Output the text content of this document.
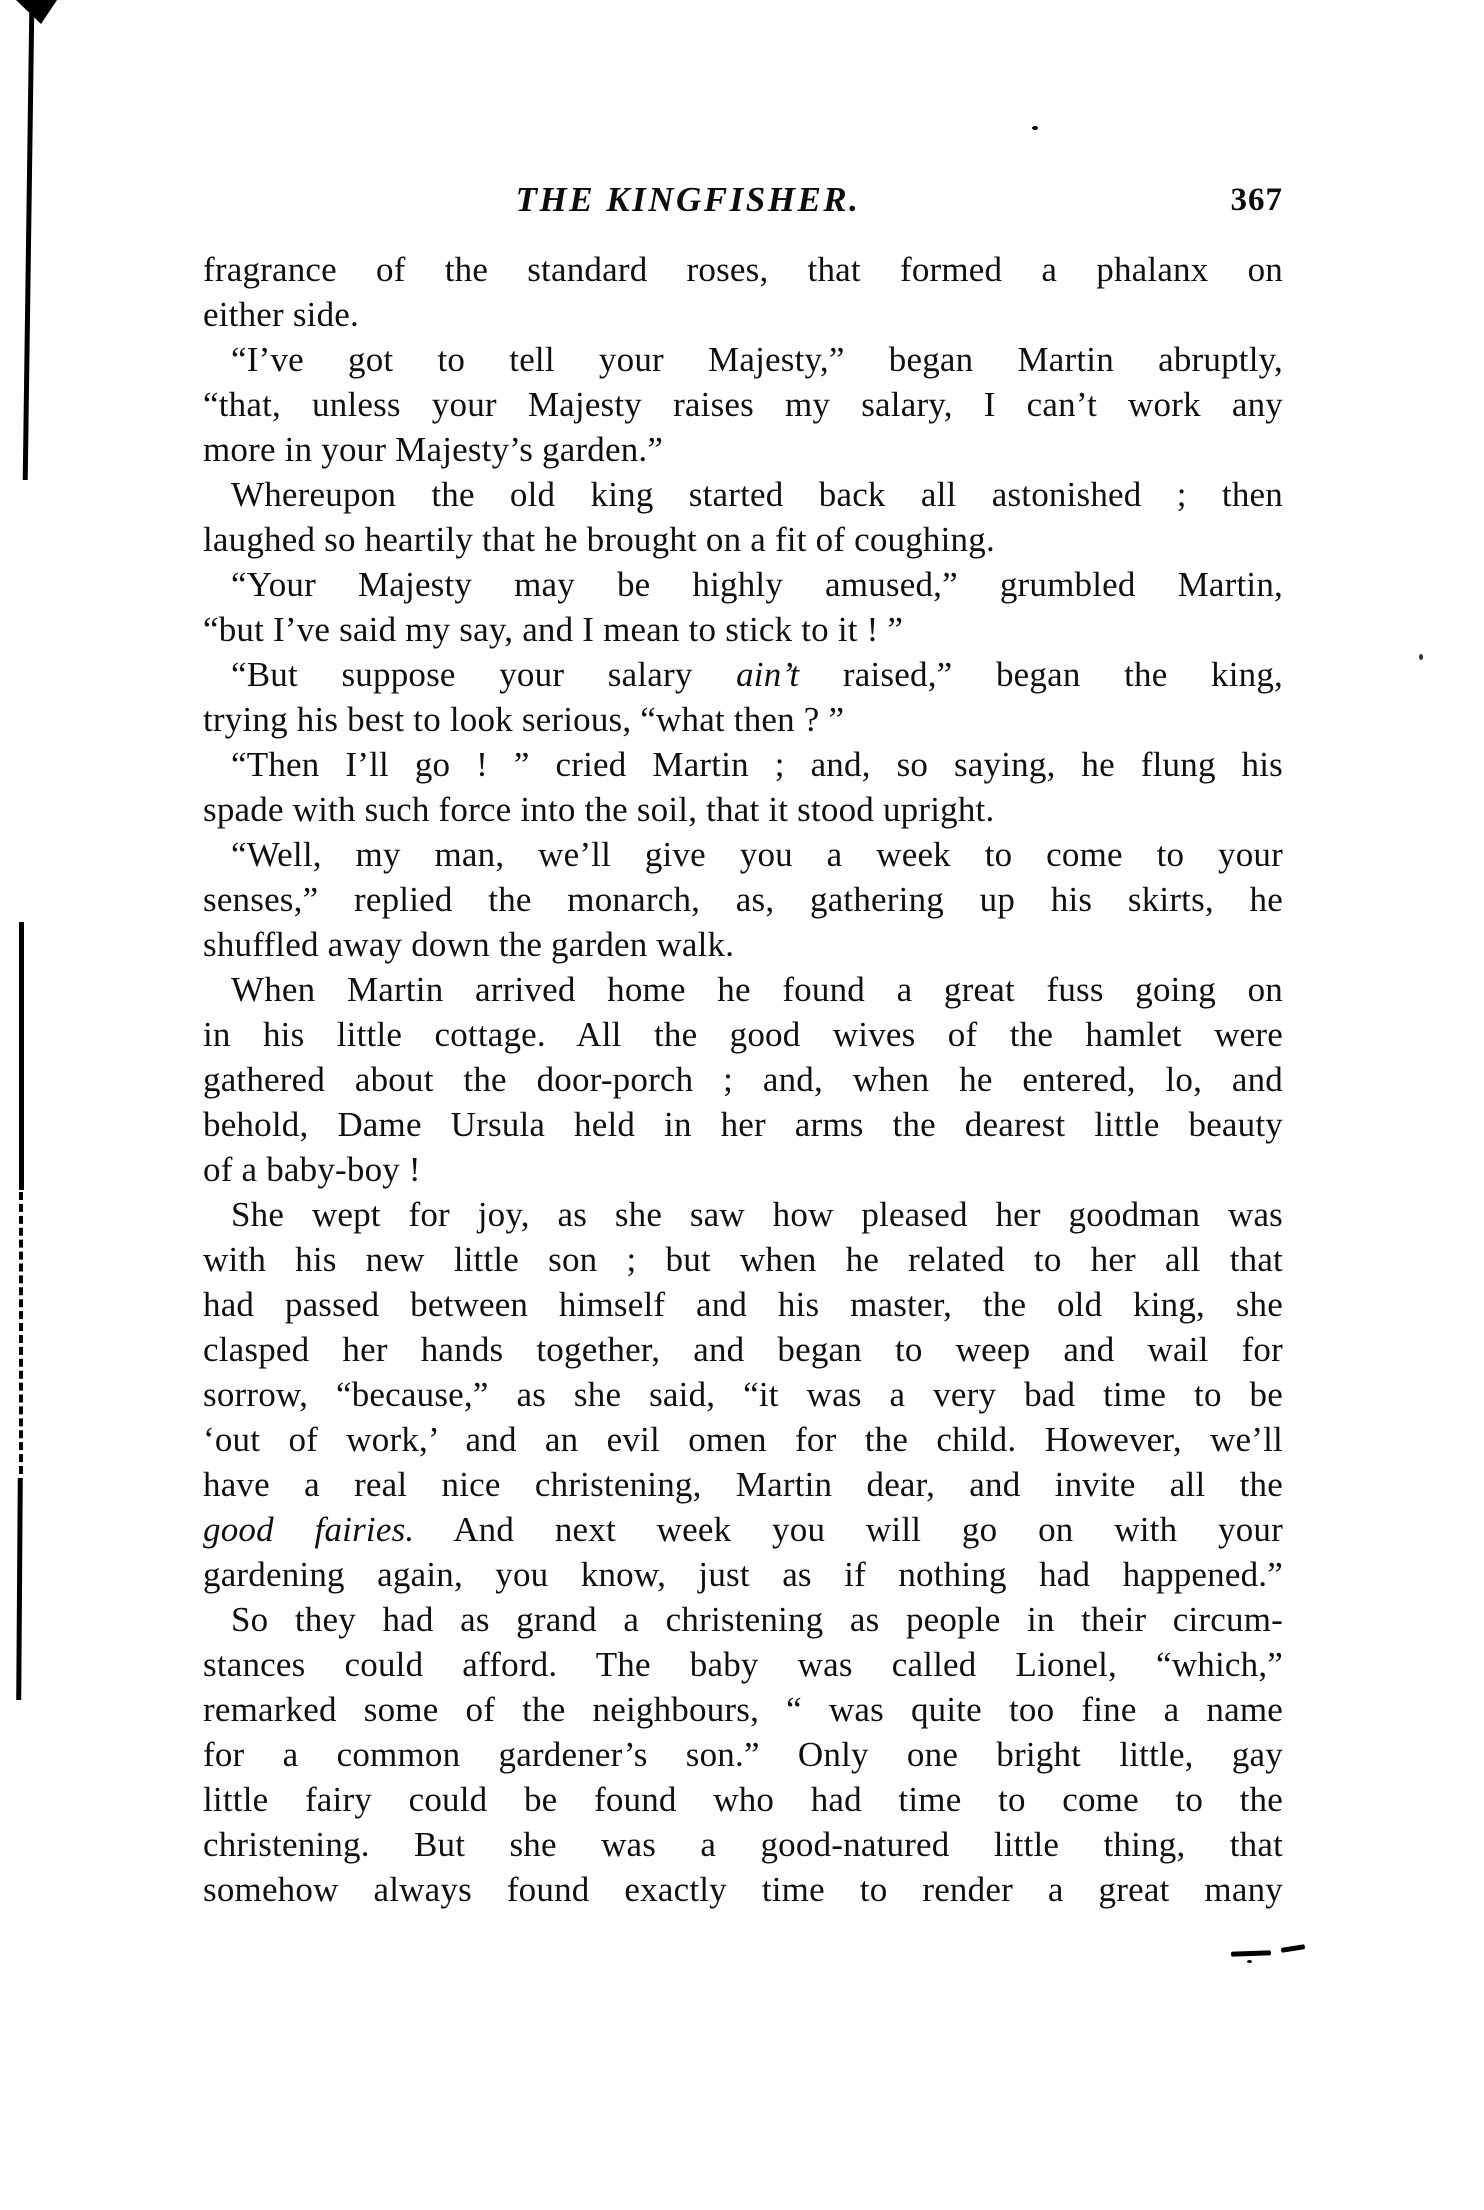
THE KINGFISHER.	367
fragrance of the standard roses, that formed a phalanx on
either side.
“I’ve got to tell your Majesty,” began Martin abruptly,
“that, unless your Majesty raises my salary, I can’t work any
more in your Majesty’s garden.”
Whereupon the old king started back all astonished ; then
laughed so heartily that he brought on a fit of coughing.
“Your Majesty may be highly amused,” grumbled Martin,
“but I’ve said my say, and I mean to stick to it ! ”
“But suppose your salary ain’t raised,” began the king,
trying his best to look serious, “what then ? ”
“Then I’ll go ! ” cried Martin ; and, so saying, he flung his
spade with such force into the soil, that it stood upright.
“Well, my man, we’ll give you a week to come to your
senses,” replied the monarch, as, gathering up his skirts, he
shuffled away down the garden walk.
When Martin arrived home he found a great fuss going on
in his little cottage. All the good wives of the hamlet were
gathered about the door-porch ; and, when he entered, lo, and
behold, Dame Ursula held in her arms the dearest little beauty
of a baby-boy !
She wept for joy, as she saw how pleased her goodman was
with his new little son ; but when he related to her all that
had passed between himself and his master, the old king, she
clasped her hands together, and began to weep and wail for
sorrow, “because,” as she said, “it was a very bad time to be
‘out of work,’ and an evil omen for the child. However, we’ll
have a real nice christening, Martin dear, and invite all the
good fairies. And next week you will go on with your
gardening again, you know, just as if nothing had happened.”
So they had as grand a christening as people in their circum-
stances could afford. The baby was called Lionel, “which,”
remarked some of the neighbours, “ was quite too fine a name
for a common gardener’s son.” Only one bright little, gay
little fairy could be found who had time to come to the
christening. But she was a good-natured little thing, that
somehow always found exactly time to render a great many
